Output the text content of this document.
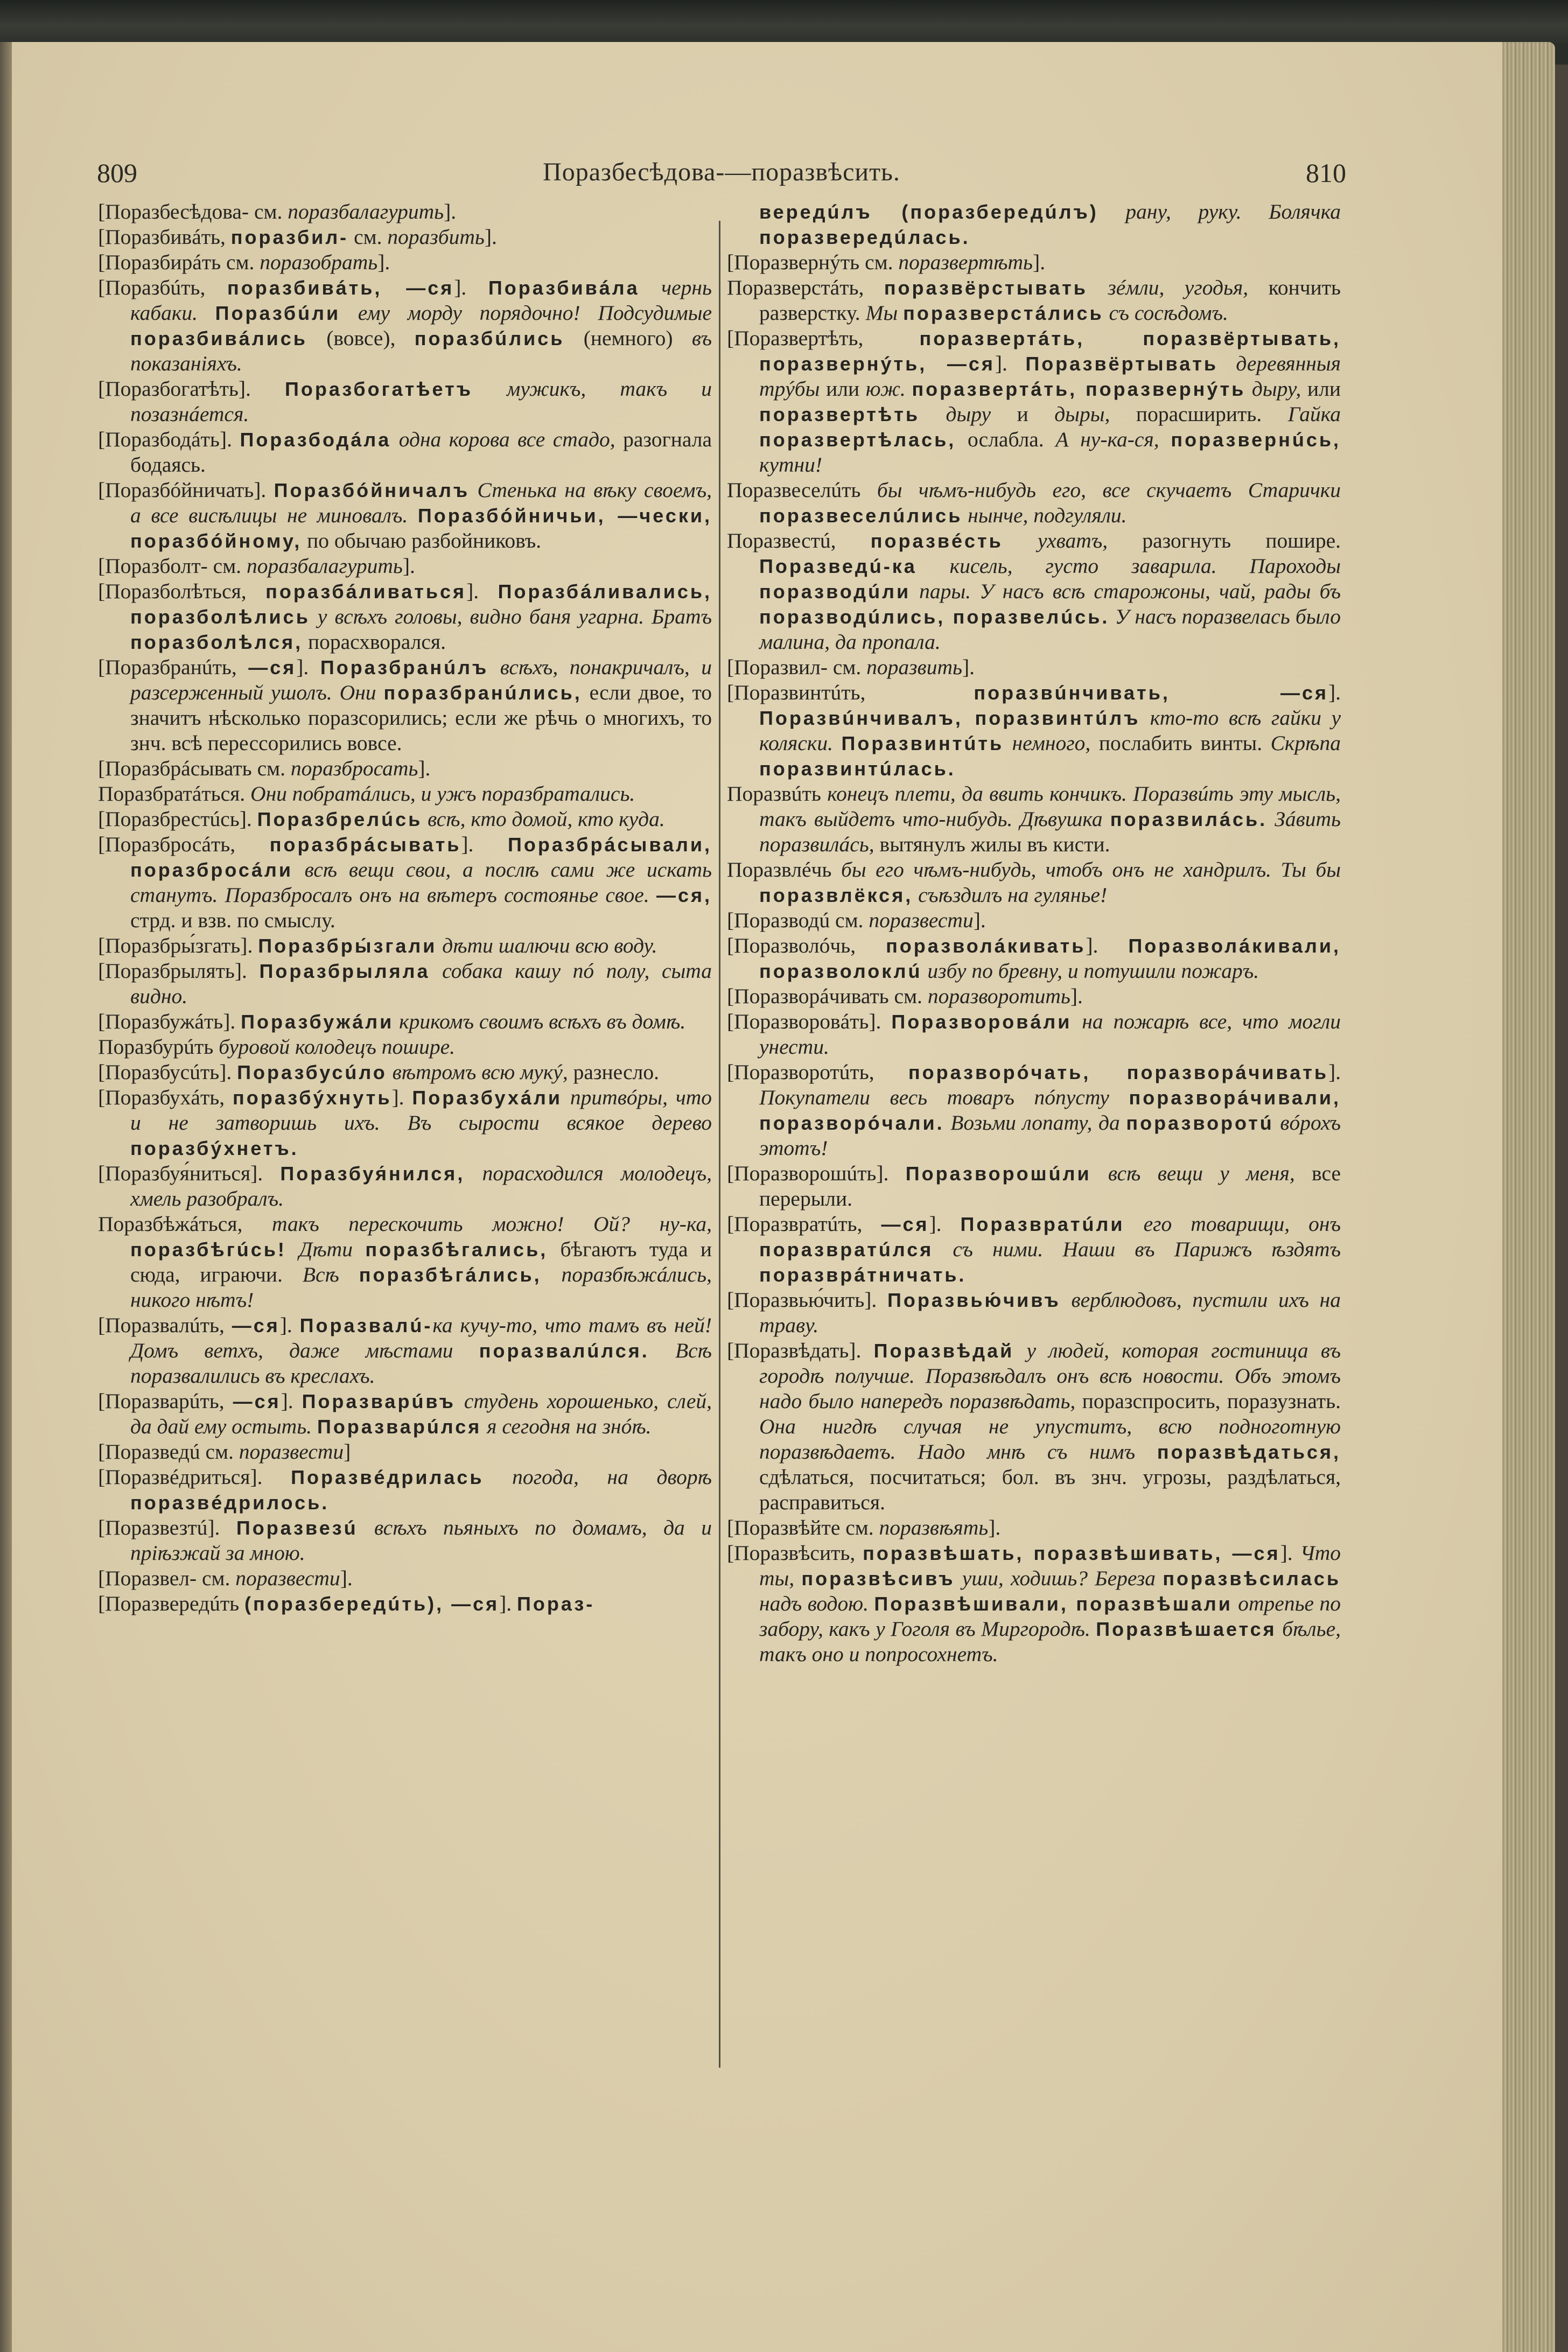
809	Поразбесѣдова-—поразвѣсить.	810

[Поразбесѣдова- см. поразбалагурить].

[Поразбивáть, поразбил- см. поразбить].

[Поразбирáть см. поразобрать].

[Поразбúть, поразбивáть, —ся]. Поразбивáла чернь кабаки. Поразбúли ему морду порядочно! Подсудимые поразбивáлись (вовсе), поразбúлись (немного) въ показаніяхъ.

[Поразбогатѣть]. Поразбогатѣетъ мужикъ, такъ и позазнáется.

[Поразбодáть]. Поразбодáла одна корова все стадо, разогнала бодаясь.

[Поразбóйничать]. Поразбóйничалъ Стенька на вѣку своемъ, а все висѣлицы не миновалъ. Поразбóйничьи, —чески, поразбóйному, по обычаю разбойниковъ.

[Поразболт- см. поразбалагурить].

[Поразболѣться, поразбáливаться]. Поразбáливались, поразболѣлись у всѣхъ головы, видно баня угарна. Братъ поразболѣлся, порасхворался.

[Поразбранúть, —ся]. Поразбранúлъ всѣхъ, понакричалъ, и разсерженный ушолъ. Они поразбранúлись, если двое, то значитъ нѣсколько поразсорились; если же рѣчь о многихъ, то знч. всѣ перессорились вовсе.

[Поразбрáсывать см. поразбросать].

Поразбратáться. Они побратáлись, и ужъ поразбратались.

[Поразбрестúсь]. Поразбрелúсь всѣ, кто домой, кто куда.

[Поразбросáть, поразбрáсывать]. Поразбрáсывали, поразбросáли всѣ вещи свои, а послѣ сами же искать станутъ. Поразбросалъ онъ на вѣтеръ состоянье свое. —ся, стрд. и взв. по смыслу.

[Поразбры́згать]. Поразбры́згали дѣти шалючи всю воду.

[Поразбрылять]. Поразбрыляла собака кашу пó полу, сыта видно.

[Поразбужáть]. Поразбужáли крикомъ своимъ всѣхъ въ домѣ.

Поразбурúть буровой колодецъ пошире.

[Поразбусúть]. Поразбусúло вѣтромъ всю мукý, разнесло.

[Поразбухáть, поразбýхнуть]. Поразбухáли притвóры, что и не затворишь ихъ. Въ сырости всякое дерево поразбýхнетъ.

[Поразбуя́ниться]. Поразбуя́нился, порасходился молодецъ, хмель разобралъ.

Поразбѣжáться, такъ перескочить можно! Ой? ну-ка, поразбѣгúсь! Дѣти поразбѣгались, бѣгаютъ туда и сюда, играючи. Всѣ поразбѣгáлись, поразбѣжáлись, никого нѣтъ!

[Поразвалúть, —ся]. Поразвалú-ка кучу-то, что тамъ въ ней! Домъ ветхъ, даже мѣстами поразвалúлся. Всѣ поразвалились въ креслахъ.

[Поразварúть, —ся]. Поразварúвъ студень хорошенько, слей, да дай ему остыть. Поразварúлся я сегодня на знóѣ.

[Поразведú см. поразвести]

[Поразвéдриться]. Поразвéдрилась погода, на дворѣ поразвéдрилось.

[Поразвезтú]. Поразвезú всѣхъ пьяныхъ по домамъ, да и пріѣзжай за мною.

[Поразвел- см. поразвести].

[Поразвередúть (поразбередúть), —ся]. Пораз-

вередúлъ (поразбередúлъ) рану, руку. Болячка поразвередúлась.

[Поразвернýть см. поразвертѣть].

Поразверстáть, поразвёрстывать зéмли, угодья, кончить разверстку. Мы поразверстáлись съ сосѣдомъ.

[Поразвертѣть, поразвертáть, поразвёртывать, поразвернýть, —ся]. Поразвёртывать деревянныя трýбы или юж. поразвертáть, поразвернýть дыру, или поразвертѣть дыру и дыры, порасширить. Гайка поразвертѣлась, ослабла. А ну-ка-ся, поразвернúсь, кутни!

Поразвеселúть бы чѣмъ-нибудь его, все скучаетъ Старички поразвеселúлись нынче, подгуляли.

Поразвестú, поразвéсть ухватъ, разогнуть пошире. Поразведú-ка кисель, густо заварила. Пароходы поразводúли пары. У насъ всѣ старожоны, чай, рады бъ поразводúлись, поразвелúсь. У насъ поразвелась было малина, да пропала.

[Поразвил- см. поразвить].

[Поразвинтúть, поразвúнчивать, —ся]. Поразвúнчивалъ, поразвинтúлъ кто-то всѣ гайки у коляски. Поразвинтúть немного, послабить винты. Скрѣпа поразвинтúлась.

Поразвúть конецъ плети, да ввить кончикъ. Поразвúть эту мысль, такъ выйдетъ что-нибудь. Дѣвушка поразвилáсь. Зáвить поразвилáсь, вытянулъ жилы въ кисти.

Поразвлéчь бы его чѣмъ-нибудь, чтобъ онъ не хандрилъ. Ты бы поразвлёкся, съѣздилъ на гулянье!

[Поразводú см. поразвести].

[Поразволóчь, поразволáкивать]. Поразволáкивали, поразволоклú избу по бревну, и потушили пожаръ.

[Поразворáчивать см. поразворотить].

[Поразворовáть]. Поразворовáли на пожарѣ все, что могли унести.

[Поразворотúть, поразворóчать, поразворáчивать]. Покупатели весь товаръ пóпусту поразворáчивали, поразворóчали. Возьми лопату, да поразворотú вóрохъ этотъ!

[Поразворошúть]. Поразворошúли всѣ вещи у меня, все перерыли.

[Поразвратúть, —ся]. Поразвратúли его товарищи, онъ поразвратúлся съ ними. Наши въ Парижъ ѣздятъ поразврáтничать.

[Поразвью́чить]. Поразвью́чивъ верблюдовъ, пустили ихъ на траву.

[Поразвѣдать]. Поразвѣдай у людей, которая гостиница въ городѣ получше. Поразвѣдалъ онъ всѣ новости. Объ этомъ надо было напередъ поразвѣдать, поразспросить, поразузнать. Она нигдѣ случая не упуститъ, всю подноготную поразвѣдаетъ. Надо мнѣ съ нимъ поразвѣдаться, сдѣлаться, посчитаться; бол. въ знч. угрозы, раздѣлаться, расправиться.

[Поразвѣйте см. поразвѣять].

[Поразвѣсить, поразвѣшать, поразвѣшивать, —ся]. Что ты, поразвѣсивъ уши, ходишь? Береза поразвѣсилась надъ водою. Поразвѣшивали, поразвѣшали отрепье по забору, какъ у Гоголя въ Миргородѣ. Поразвѣшается бѣлье, такъ оно и попросохнетъ.
